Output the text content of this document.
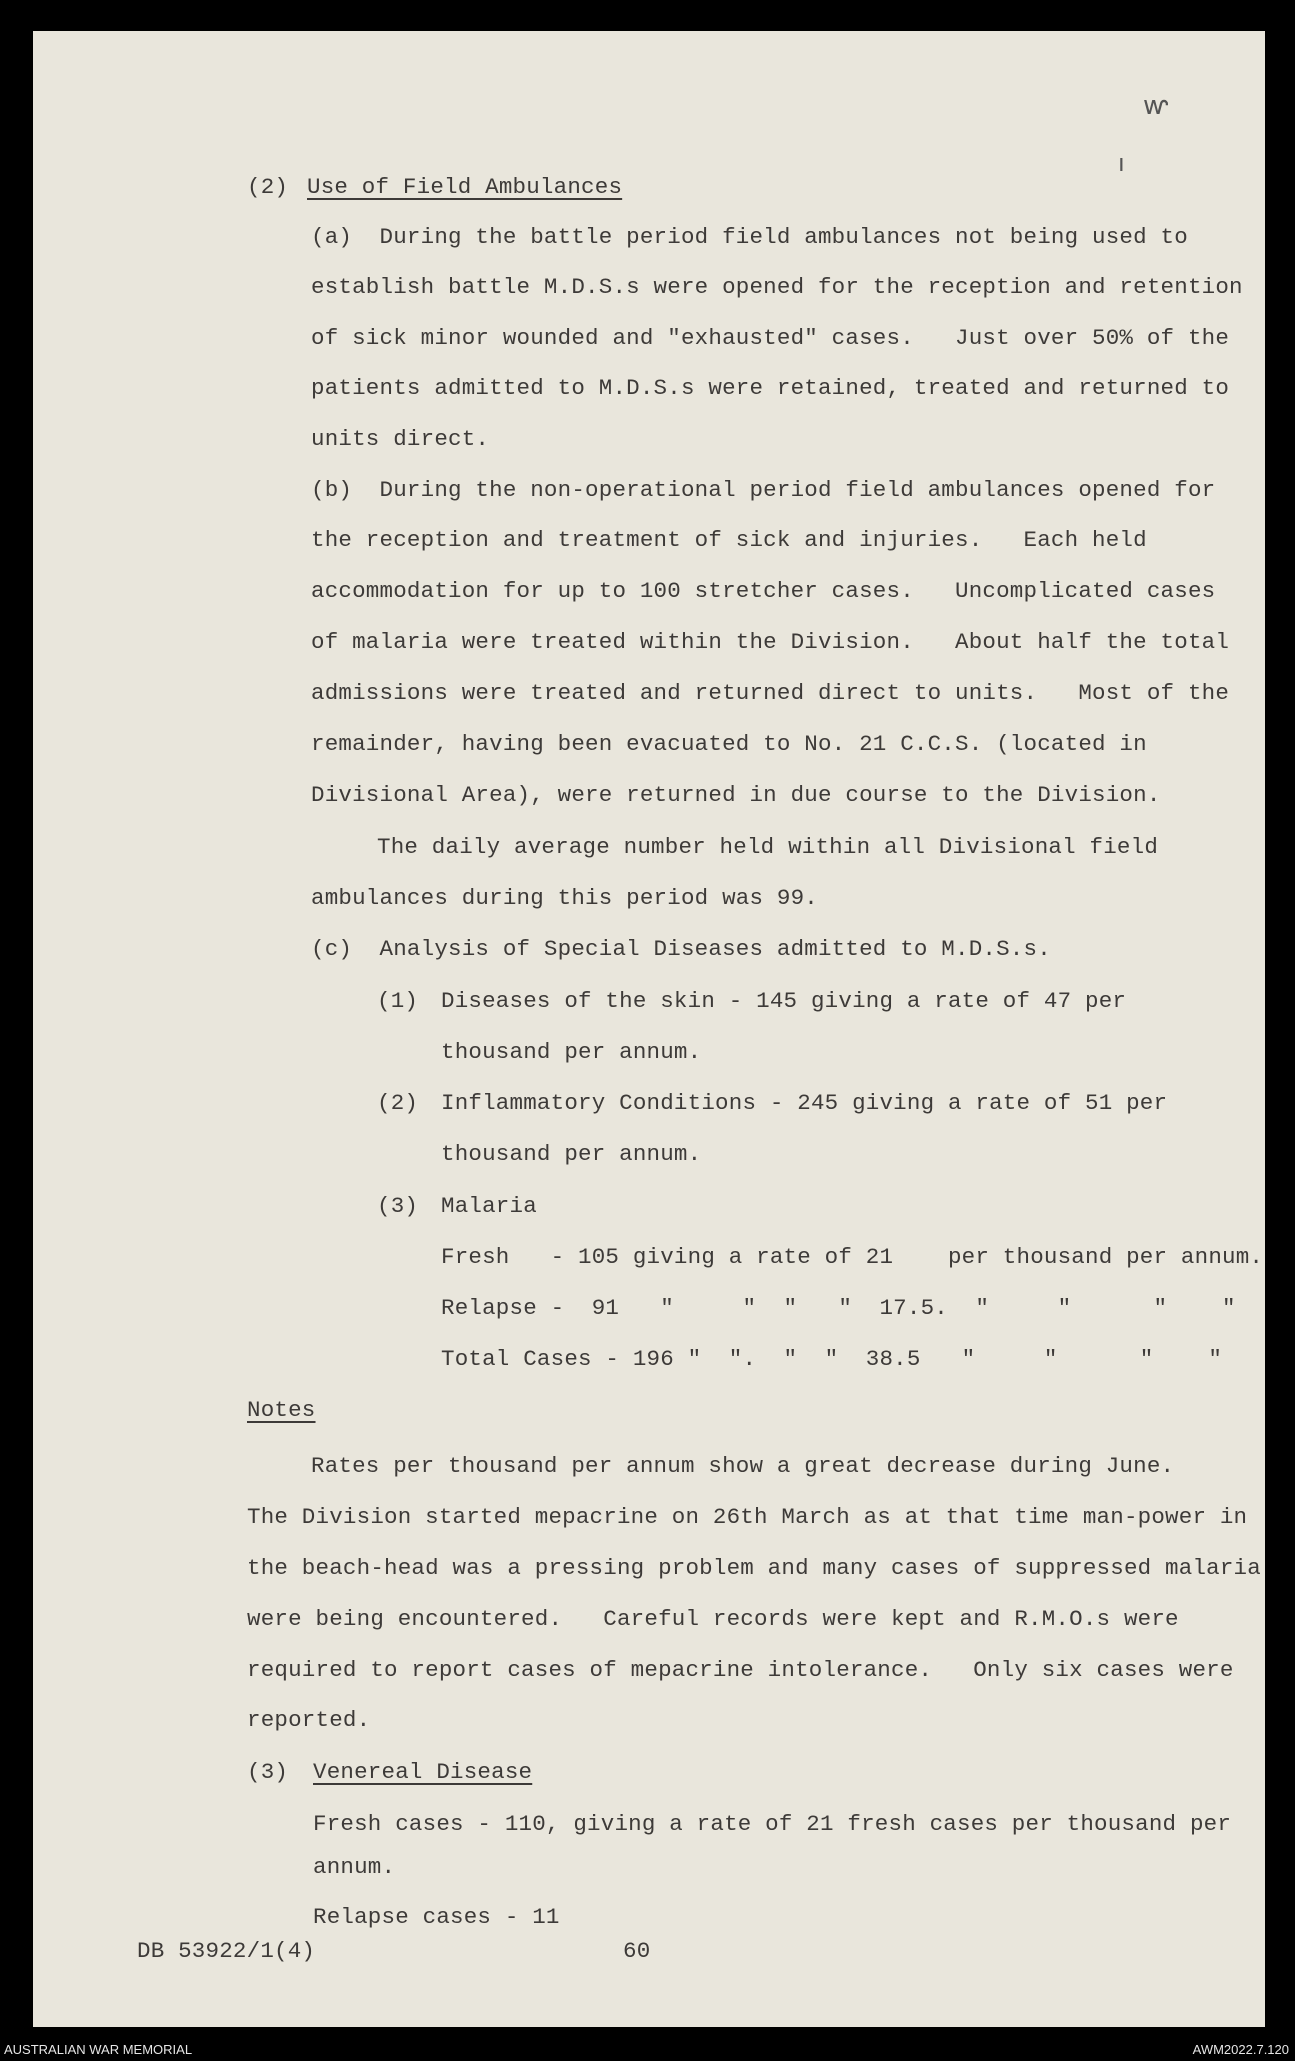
ⱳ
ı
(2) Use of Field Ambulances
(a)  During the battle period field ambulances not being used to
establish battle M.D.S.s were opened for the reception and retention
of sick minor wounded and "exhausted" cases.   Just over 50% of the
patients admitted to M.D.S.s were retained, treated and returned to
units direct.
(b)  During the non-operational period field ambulances opened for
the reception and treatment of sick and injuries.   Each held
accommodation for up to 100 stretcher cases.   Uncomplicated cases
of malaria were treated within the Division.   About half the total
admissions were treated and returned direct to units.   Most of the
remainder, having been evacuated to No. 21 C.C.S. (located in
Divisional Area), were returned in due course to the Division.
The daily average number held within all Divisional field
ambulances during this period was 99.
(c)  Analysis of Special Diseases admitted to M.D.S.s.
(1) Diseases of the skin - 145 giving a rate of 47 per
thousand per annum.
(2) Inflammatory Conditions - 245 giving a rate of 51 per
thousand per annum.
(3) Malaria
Fresh   - 105 giving a rate of 21    per thousand per annum.
Relapse -  91   "     "  "   "  17.5.  "     "      "    "
Total Cases - 196 "  ".  "  "  38.5   "     "      "    "
Notes
Rates per thousand per annum show a great decrease during June.
The Division started mepacrine on 26th March as at that time man-power in
the beach-head was a pressing problem and many cases of suppressed malaria
were being encountered.   Careful records were kept and R.M.O.s were
required to report cases of mepacrine intolerance.   Only six cases were
reported.
(3) Venereal Disease
Fresh cases - 110, giving a rate of 21 fresh cases per thousand per
annum.
Relapse cases - 11
DB 53922/1(4)	60
AUSTRALIAN WAR MEMORIAL	AWM2022.7.120
